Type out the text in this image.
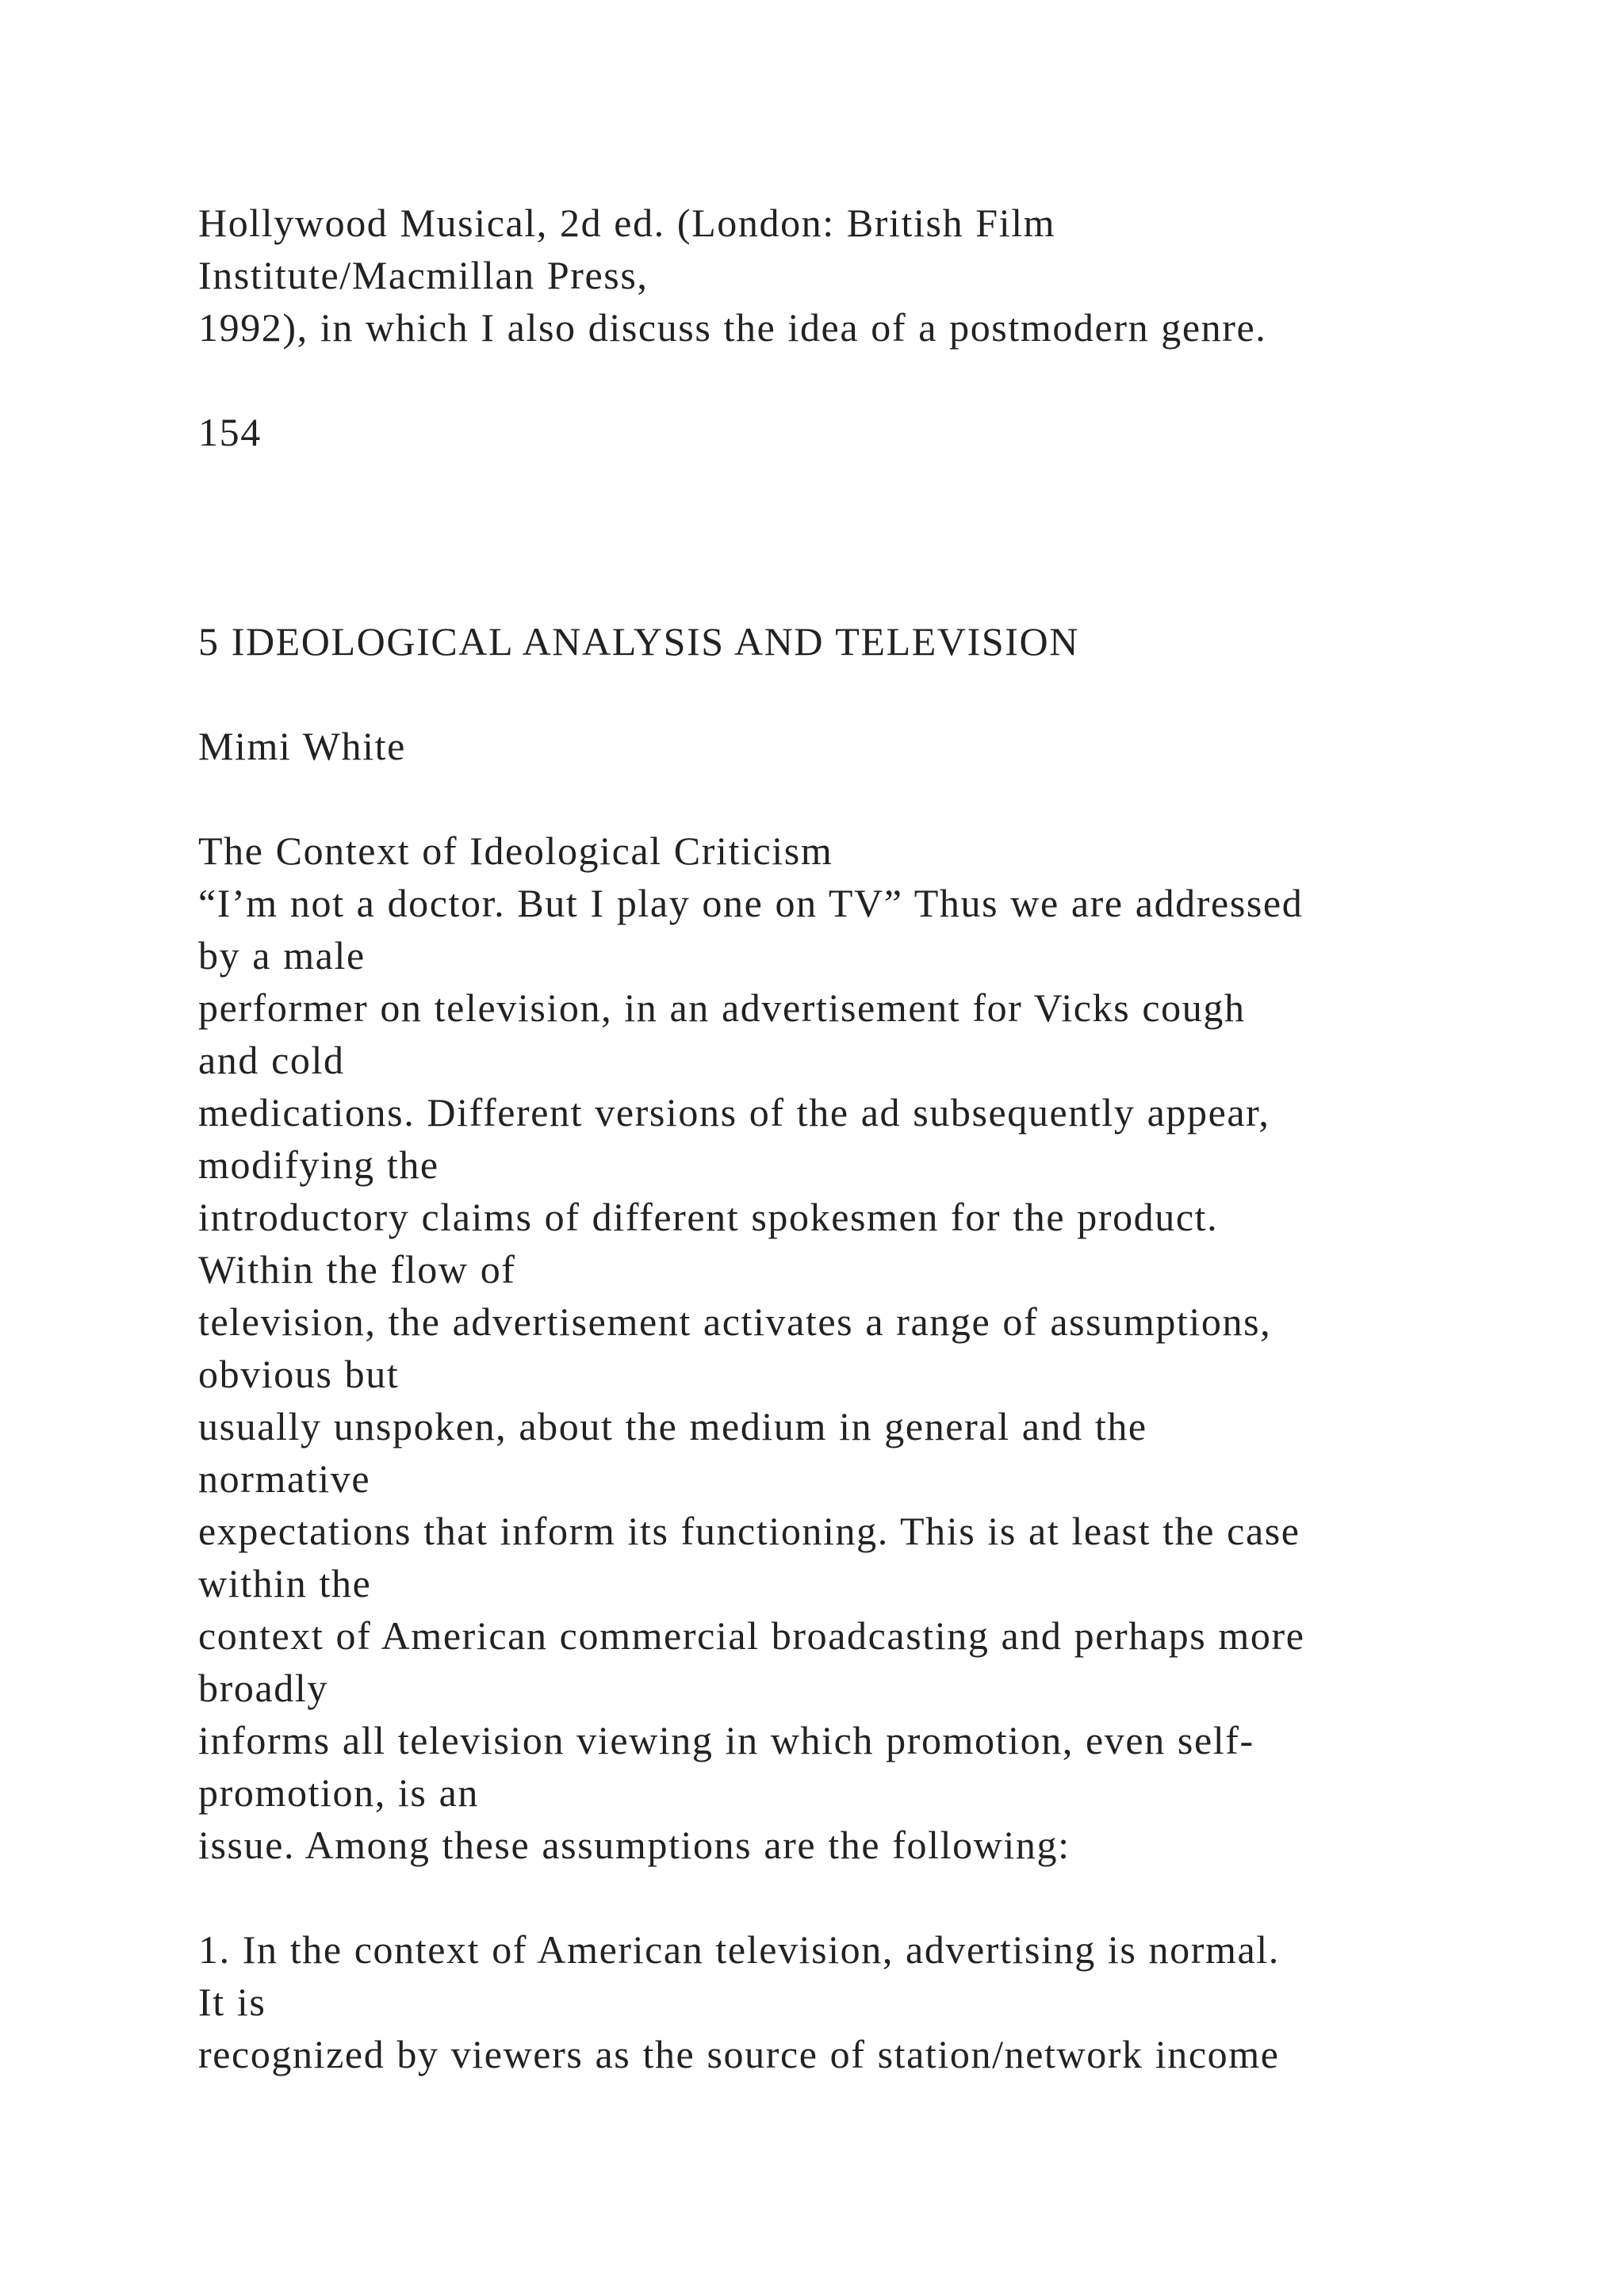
Hollywood Musical, 2d ed. (London: British Film
Institute/Macmillan Press,
1992), in which I also discuss the idea of a postmodern genre.
154
5 IDEOLOGICAL ANALYSIS AND TELEVISION
Mimi White
The Context of Ideological Criticism
“I’m not a doctor. But I play one on TV” Thus we are addressed
by a male
performer on television, in an advertisement for Vicks cough
and cold
medications. Different versions of the ad subsequently appear,
modifying the
introductory claims of different spokesmen for the product.
Within the flow of
television, the advertisement activates a range of assumptions,
obvious but
usually unspoken, about the medium in general and the
normative
expectations that inform its functioning. This is at least the case
within the
context of American commercial broadcasting and perhaps more
broadly
informs all television viewing in which promotion, even self-
promotion, is an
issue. Among these assumptions are the following:
1. In the context of American television, advertising is normal.
It is
recognized by viewers as the source of station/network income
